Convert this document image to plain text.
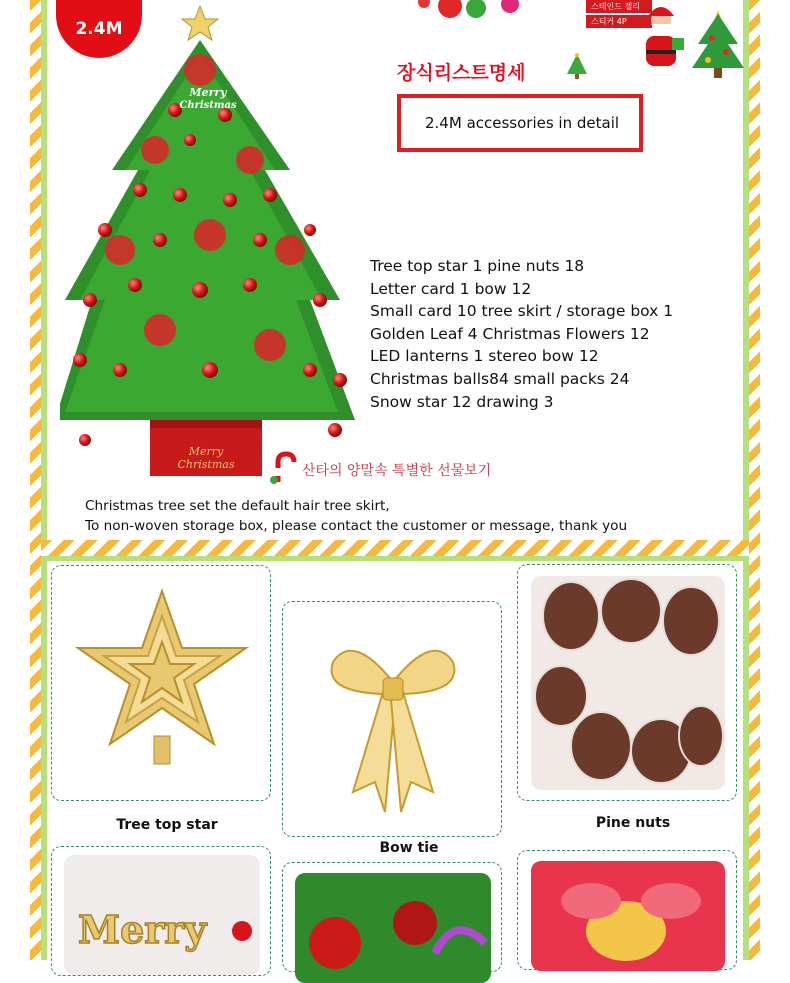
2.4M
Merry
Christmas
Merry
Christmas
스테인드 젤리
스티커 4P
장식리스트명세
2.4M accessories in detail
Tree top star 1 pine nuts 18
Letter card 1 bow 12
Small card 10 tree skirt / storage box 1
Golden Leaf 4 Christmas Flowers 12
LED lanterns 1 stereo bow 12
Christmas balls84 small packs 24
Snow star 12 drawing 3
산타의 양말속 특별한 선물보기
Christmas tree set the default hair tree skirt,
To non-woven storage box, please contact the customer or message, thank you
Tree top star
Bow tie
Pine nuts
Merry
